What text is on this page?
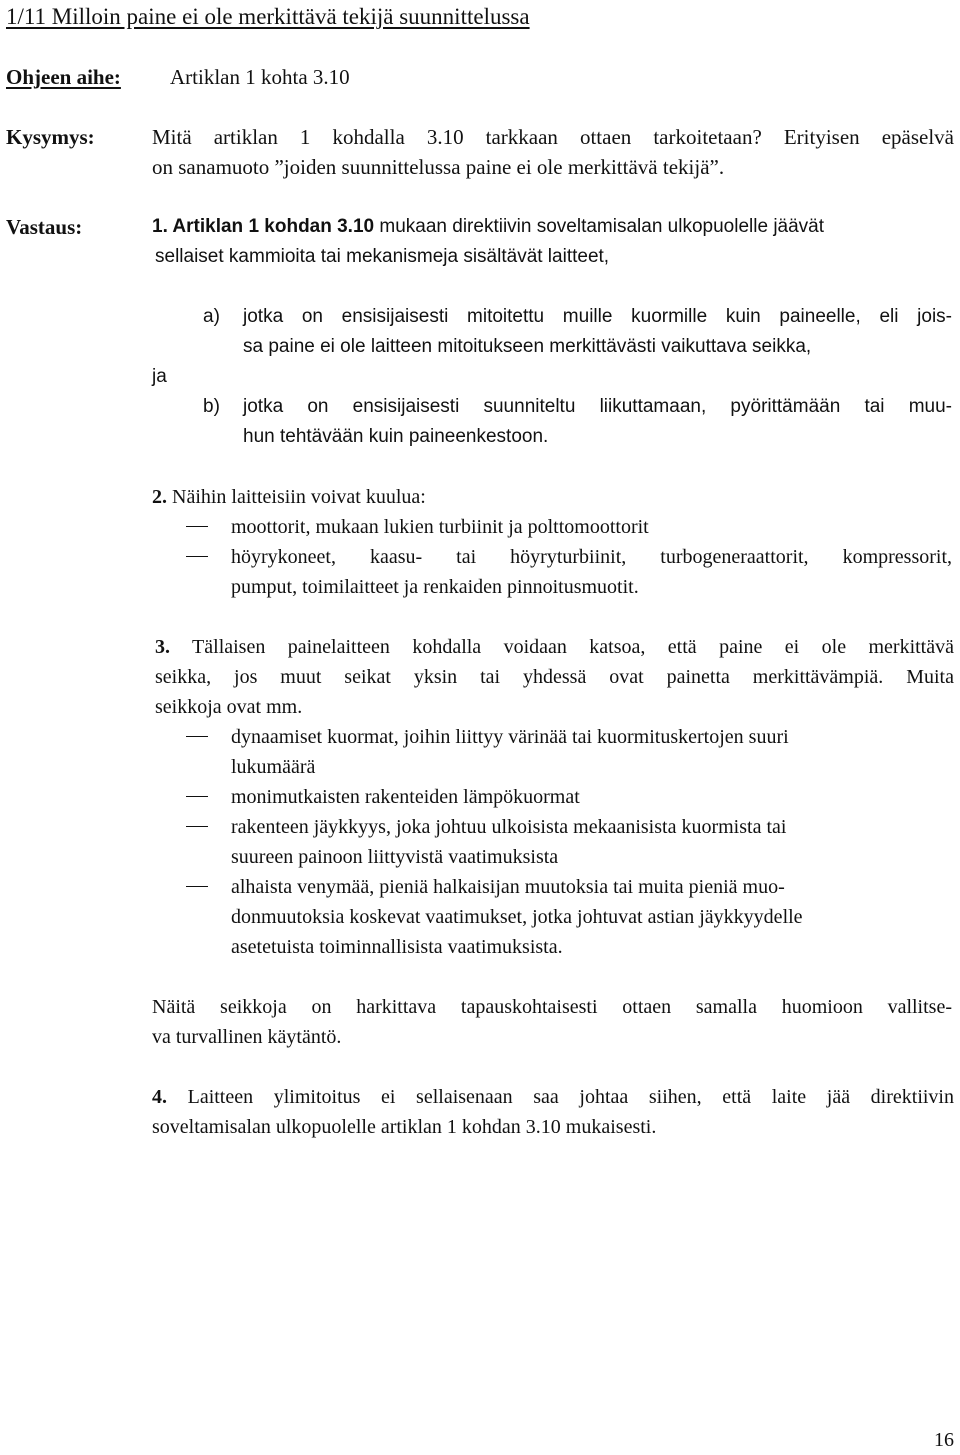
1/11 Milloin paine ei ole merkittävä tekijä suunnittelussa
Ohjeen aihe: Artiklan 1 kohta 3.10
Kysymys:	Mitä artiklan 1 kohdalla 3.10 tarkkaan ottaen tarkoitetaan? Erityisen epäselvä
on sanamuoto ”joiden suunnittelussa paine ei ole merkittävä tekijä”.
Vastaus:	1. Artiklan 1 kohdan 3.10 mukaan direktiivin soveltamisalan ulkopuolelle jäävät
sellaiset kammioita tai mekanismeja sisältävät laitteet,
a) jotka on ensisijaisesti mitoitettu muille kuormille kuin paineelle, eli jois-
sa paine ei ole laitteen mitoitukseen merkittävästi vaikuttava seikka,
ja
b) jotka on ensisijaisesti suunniteltu liikuttamaan, pyörittämään tai muu-
hun tehtävään kuin paineenkestoon.
2. Näihin laitteisiin voivat kuulua:
moottorit, mukaan lukien turbiinit ja polttomoottorit
höyrykoneet, kaasu- tai höyryturbiinit, turbogeneraattorit, kompressorit,
pumput, toimilaitteet ja renkaiden pinnoitusmuotit.
3. Tällaisen painelaitteen kohdalla voidaan katsoa, että paine ei ole merkittävä
seikka, jos muut seikat yksin tai yhdessä ovat painetta merkittävämpiä. Muita
seikkoja ovat mm.
dynaamiset kuormat, joihin liittyy värinää tai kuormituskertojen suuri
lukumäärä
monimutkaisten rakenteiden lämpökuormat
rakenteen jäykkyys, joka johtuu ulkoisista mekaanisista kuormista tai
suureen painoon liittyvistä vaatimuksista
alhaista venymää, pieniä halkaisijan muutoksia tai muita pieniä muo-
donmuutoksia koskevat vaatimukset, jotka johtuvat astian jäykkyydelle
asetetuista toiminnallisista vaatimuksista.
Näitä seikkoja on harkittava tapauskohtaisesti ottaen samalla huomioon vallitse-
va turvallinen käytäntö.
4. Laitteen ylimitoitus ei sellaisenaan saa johtaa siihen, että laite jää direktiivin
soveltamisalan ulkopuolelle artiklan 1 kohdan 3.10 mukaisesti.
16
